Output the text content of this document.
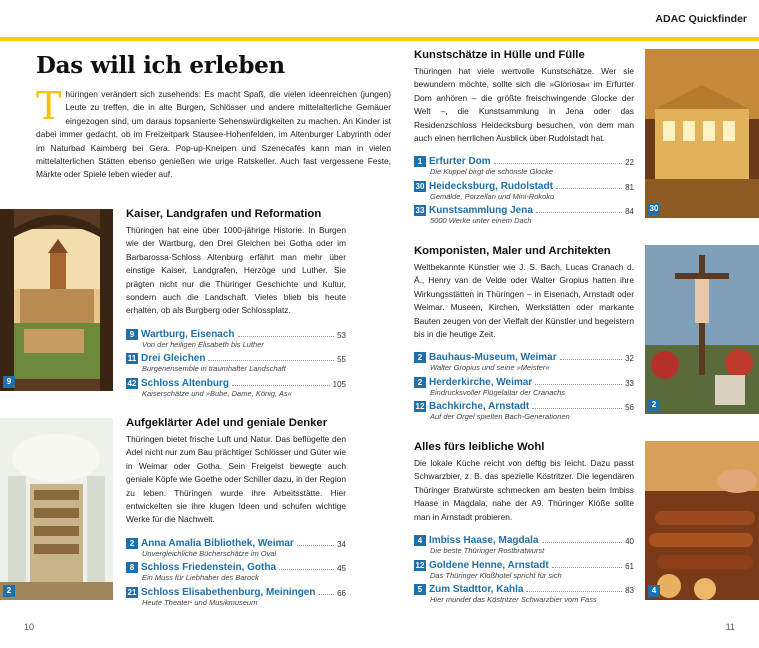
ADAC Quickfinder
Das will ich erleben
Thüringen verändert sich zusehends: Es macht Spaß, die vielen ideenreichen (jungen) Leute zu treffen, die in alte Burgen, Schlösser und andere mittelalterliche Gemäuer eingezogen sind, um daraus topsanierte Sehenswürdigkeiten zu machen. An Kinder ist dabei immer gedacht, ob im Freizeitpark Stausee-Hohenfelden, im Altenburger Labyrinth oder im Naturbad Kaimberg bei Gera. Pop-up-Kneipen und Szenecafés kann man in vielen mittelalterlichen Stätten ebenso genießen wie urige Ratskeller. Auch fast vergessene Feste, Märkte oder Spiele leben wieder auf.
9
2
30
2
4
Kaiser, Landgrafen und Reformation

Thüringen hat eine über 1000-jährige Historie. In Burgen wie der Wartburg, den Drei Gleichen bei Gotha oder im Barbarossa-Schloss Altenburg erfährt man mehr über einstige Kaiser, Landgrafen, Herzöge und Luther. Sie prägten nicht nur die Thüringer Geschichte und Kultur, sondern auch die Landschaft. Vieles blieb bis heute erhalten, ob als Burgberg oder Schlossplatz.

9 Wartburg, Eisenach	53
Von der heiligen Elisabeth bis Luther
11 Drei Gleichen	55
Burgenensemble in traumhafter Landschaft
42 Schloss Altenburg	105
Kaiserschätze und »Bube, Dame, König, As«
Aufgeklärter Adel und geniale Denker

Thüringen bietet frische Luft und Natur. Das beflügelte den Adel nicht nur zum Bau prächtiger Schlösser und Güter wie in Weimar oder Gotha. Sein Freigeist bewegte auch geniale Köpfe wie Goethe oder Schiller dazu, in der Region zu leben. Thüringen wurde ihre Arbeitsstätte. Hier entwickelten sie ihre klugen Ideen und schufen wichtige Werke für die Nachwelt.

2 Anna Amalia Bibliothek, Weimar	34
Unvergleichliche Bücherschätze im Oval
8 Schloss Friedenstein, Gotha	45
Ein Muss für Liebhaber des Barock
21 Schloss Elisabethenburg, Meiningen	66
Heute Theater- und Musikmuseum
Kunstschätze in Hülle und Fülle

Thüringen hat viele wertvolle Kunstschätze. Wer sie bewundern möchte, sollte sich die »Gloriosa« im Erfurter Dom anhören – die größte freischwingende Glocke der Welt –, die Kunstsammlung in Jena oder das Residenzschloss Heidecksburg besuchen, von dem man auch einen herrlichen Ausblick über Rudolstadt hat.

1 Erfurter Dom	22
Die Kuppel birgt die schönste Glocke
30 Heidecksburg, Rudolstadt	81
Gemälde, Porzellan und Mini-Rokoko
33 Kunstsammlung Jena	84
5000 Werke unter einem Dach
Komponisten, Maler und Architekten

Weltbekannte Künstler wie J. S. Bach, Lucas Cranach d. Ä., Henry van de Velde oder Walter Gropius hatten ihre Wirkungsstätten in Thüringen – in Eisenach, Arnstadt oder Weimar. Museen, Kirchen, Werkstätten oder markante Bauten zeugen von der Vielfalt der Künstler und begeistern bis in die heutige Zeit.

2 Bauhaus-Museum, Weimar	32
Walter Gropius und seine »Meister«
2 Herderkirche, Weimar	33
Eindrucksvoller Flügelaltar der Cranachs
12 Bachkirche, Arnstadt	56
Auf der Orgel spielten Bach-Generationen
Alles fürs leibliche Wohl

Die lokale Küche reicht von deftig bis leicht. Dazu passt Schwarzbier, z. B. das spezielle Köstritzer. Die legendären Thüringer Bratwürste schmecken am besten beim Imbiss Haase in Magdala, nahe der A9. Thüringer Klöße sollte man in Arnstadt probieren.

4 Imbiss Haase, Magdala	40
Die beste Thüringer Rostbratwurst
12 Goldene Henne, Arnstadt	61
Das Thüringer Kloßhotel spricht für sich
5 Zum Stadttor, Kahla	83
Hier mundet das Köstritzer Schwarzbier vom Fass
10	11
